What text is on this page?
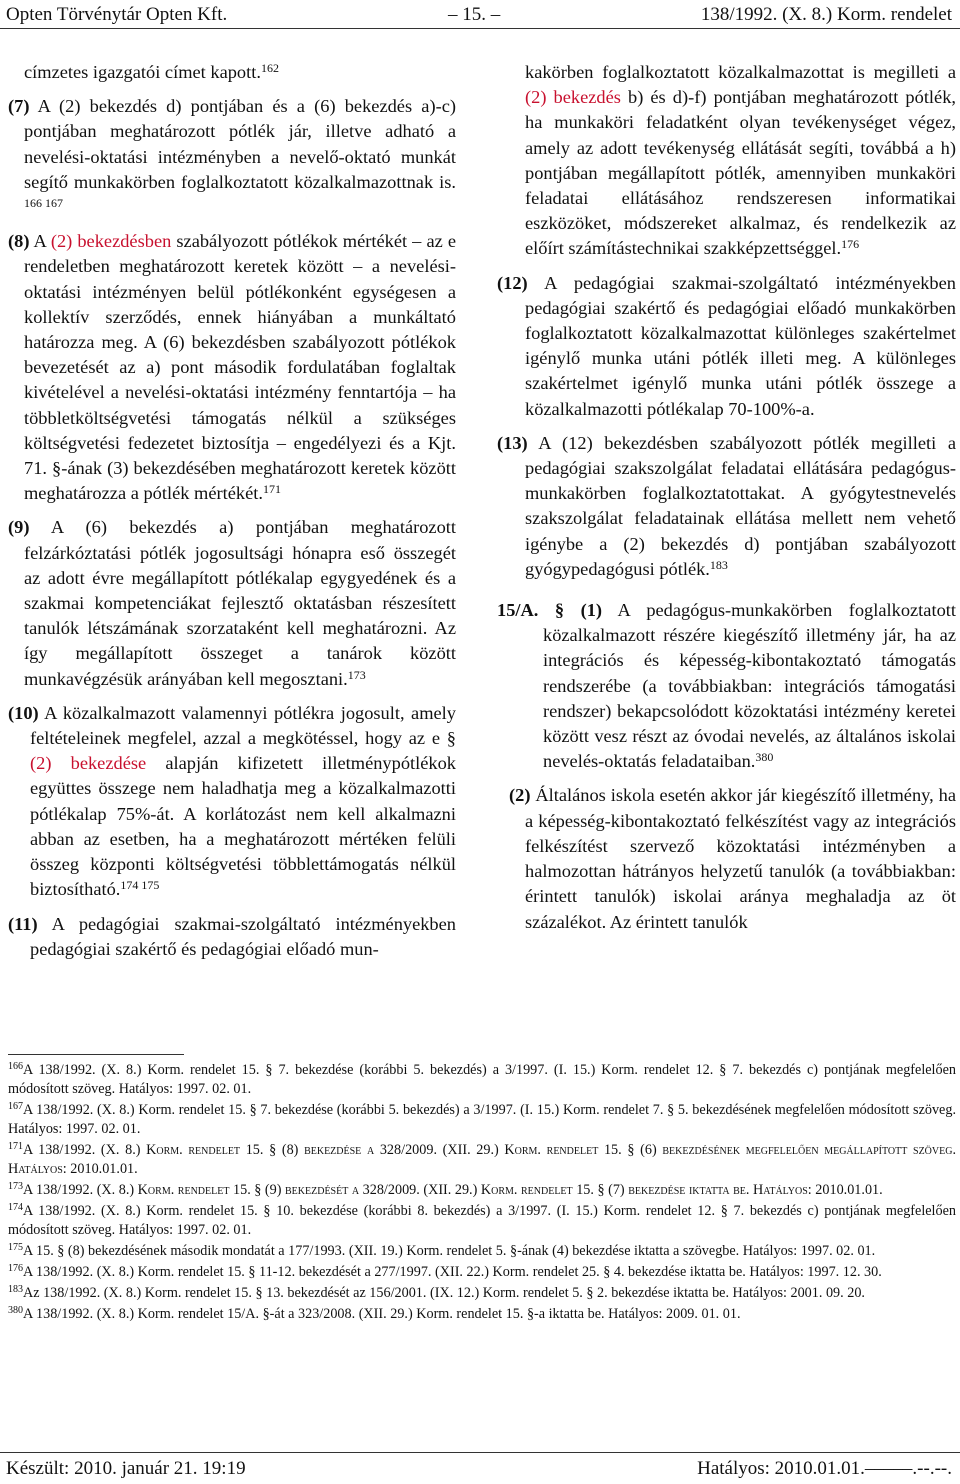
Opten Törvénytár Opten Kft.	– 15. –	138/1992. (X. 8.) Korm. rendelet

címzetes igazgatói címet kapott.$^{162}$

(7) A (2) bekezdés d) pontjában és a (6) bekezdés a)-c) pontjában meghatározott pótlék jár, illetve adható a nevelési-oktatási intézményben a nevelő-oktató munkát segítő munkakörben foglalkoztatott közalkalmazottnak is. $^{166 167}$

(8) A (2) bekezdésben szabályozott pótlékok mértékét – az e rendeletben meghatározott keretek között – a nevelési-oktatási intézményen belül pótlékonként egységesen a kollektív szerződés, ennek hiányában a munkáltató határozza meg. A (6) bekezdésben szabályozott pótlékok bevezetését az a) pont második fordulatában foglaltak kivételével a nevelési-oktatási intézmény fenntartója – ha többletköltségvetési támogatás nélkül a szükséges költségvetési fedezetet biztosítja – engedélyezi és a Kjt. 71. §-ának (3) bekezdésében meghatározott keretek között meghatározza a pótlék mértékét.$^{171}$

(9) A (6) bekezdés a) pontjában meghatározott felzárkóztatási pótlék jogosultsági hónapra eső összegét az adott évre megállapított pótlékalap egygyedének és a szakmai kompetenciákat fejlesztő oktatásban részesített tanulók létszámának szorzataként kell meghatározni. Az így megállapított összeget a tanárok között munkavégzésük arányában kell megosztani.$^{173}$

(10) A közalkalmazott valamennyi pótlékra jogosult, amely feltételeinek megfelel, azzal a megkötéssel, hogy az e § (2) bekezdése alapján kifizetett illetménypótlékok együttes összege nem haladhatja meg a közalkalmazotti pótlékalap 75%-át. A korlátozást nem kell alkalmazni abban az esetben, ha a meghatározott mértéken felüli összeg központi költségvetési többlettámogatás nélkül biztosítható.$^{174 175}$

(11) A pedagógiai szakmai-szolgáltató intézményekben pedagógiai szakértő és pedagógiai előadó mun-

kakörben foglalkoztatott közalkalmazottat is megilleti a (2) bekezdés b) és d)-f) pontjában meghatározott pótlék, ha munkaköri feladatként olyan tevékenységet végez, amely az adott tevékenység ellátását segíti, továbbá a h) pontjában megállapított pótlék, amennyiben munkaköri feladatai ellátásához rendszeresen informatikai eszközöket, módszereket alkalmaz, és rendelkezik az előírt számítástechnikai szakképzettséggel.$^{176}$

(12) A pedagógiai szakmai-szolgáltató intézményekben pedagógiai szakértő és pedagógiai előadó munkakörben foglalkoztatott közalkalmazottat különleges szakértelmet igénylő munka utáni pótlék illeti meg. A különleges szakértelmet igénylő munka utáni pótlék összege a közalkalmazotti pótlékalap 70-100%-a.

(13) A (12) bekezdésben szabályozott pótlék megilleti a pedagógiai szakszolgálat feladatai ellátására pedagógus-munkakörben foglalkoztatottakat. A gyógytestnevelés szakszolgálat feladatainak ellátása mellett nem vehető igénybe a (2) bekezdés d) pontjában szabályozott gyógypedagógusi pótlék.$^{183}$

15/A. § (1) A pedagógus-munkakörben foglalkoztatott közalkalmazott részére kiegészítő illetmény jár, ha az integrációs és képesség-kibontakoztató támogatás rendszerébe (a továbbiakban: integrációs támogatási rendszer) bekapcsolódott közoktatási intézmény keretei között vesz részt az óvodai nevelés, az általános iskolai nevelés-oktatás feladataiban.$^{380}$

(2) Általános iskola esetén akkor jár kiegészítő illetmény, ha a képesség-kibontakoztató felkészítést vagy az integrációs felkészítést szervező közoktatási intézményben a halmozottan hátrányos helyzetű tanulók (a továbbiakban: érintett tanulók) iskolai aránya meghaladja az öt százalékot. Az érintett tanulók

$^{166}$A 138/1992. (X. 8.) Korm. rendelet 15. § 7. bekezdése (korábbi 5. bekezdés) a 3/1997. (I. 15.) Korm. rendelet 12. § 7. bekezdés c) pontjának megfelelően módosított szöveg. Hatályos: 1997. 02. 01.

$^{167}$A 138/1992. (X. 8.) Korm. rendelet 15. § 7. bekezdése (korábbi 5. bekezdés) a 3/1997. (I. 15.) Korm. rendelet 7. § 5. bekezdésének megfelelően módosított szöveg. Hatályos: 1997. 02. 01.

$^{171}$A 138/1992. (X. 8.) Korm. rendelet 15. § (8) bekezdése a 328/2009. (XII. 29.) Korm. rendelet 15. § (6) bekezdésének megfelelően megállapított szöveg. Hatályos: 2010.01.01.

$^{173}$A 138/1992. (X. 8.) Korm. rendelet 15. § (9) bekezdését a 328/2009. (XII. 29.) Korm. rendelet 15. § (7) bekezdése iktatta be. Hatályos: 2010.01.01.

$^{174}$A 138/1992. (X. 8.) Korm. rendelet 15. § 10. bekezdése (korábbi 8. bekezdés) a 3/1997. (I. 15.) Korm. rendelet 12. § 7. bekezdés c) pontjának megfelelően módosított szöveg. Hatályos: 1997. 02. 01.

$^{175}$A 15. § (8) bekezdésének második mondatát a 177/1993. (XII. 19.) Korm. rendelet 5. §-ának (4) bekezdése iktatta a szövegbe. Hatályos: 1997. 02. 01.

$^{176}$A 138/1992. (X. 8.) Korm. rendelet 15. § 11-12. bekezdését a 277/1997. (XII. 22.) Korm. rendelet 25. § 4. bekezdése iktatta be. Hatályos: 1997. 12. 30.

$^{183}$Az 138/1992. (X. 8.) Korm. rendelet 15. § 13. bekezdését az 156/2001. (IX. 12.) Korm. rendelet 5. § 2. bekezdése iktatta be. Hatályos: 2001. 09. 20.

$^{380}$A 138/1992. (X. 8.) Korm. rendelet 15/A. §-át a 323/2008. (XII. 29.) Korm. rendelet 15. §-a iktatta be. Hatályos: 2009. 01. 01.

Készült: 2010. január 21. 19:19	Hatályos: 2010.01.01.–––––.--.--.
